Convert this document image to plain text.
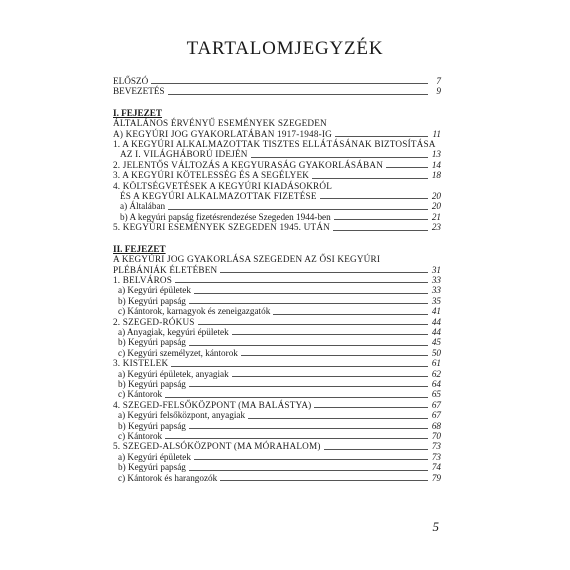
TARTALOMJEGYZÉK
ELŐSZÓ	7
BEVEZETÉS	9
I. FEJEZET
ÁLTALÁNOS ÉRVÉNYŰ ESEMÉNYEK SZEGEDEN
A) KEGYÚRI JOG GYAKORLATÁBAN 1917-1948-IG	11
1. A KEGYÚRI ALKALMAZOTTAK TISZTES ELLÁTÁSÁNAK BIZTOSÍTÁSA
AZ I. VILÁGHÁBORÚ IDEJÉN	13
2. JELENTŐS VÁLTOZÁS A KEGYURASÁG GYAKORLÁSÁBAN	14
3. A KEGYÚRI KÖTELESSÉG ÉS A SEGÉLYEK	18
4. KÖLTSÉGVETÉSEK A KEGYÚRI KIADÁSOKRÓL
ÉS A KEGYÚRI ALKALMAZOTTAK FIZETÉSE	20
a) Általában	20
b) A kegyúri papság fizetésrendezése Szegeden 1944-ben	21
5. KEGYÚRI ESEMÉNYEK SZEGEDEN 1945. UTÁN	23
II. FEJEZET
A KEGYÚRI JOG GYAKORLÁSA SZEGEDEN AZ ŐSI KEGYÚRI
PLÉBÁNIÁK ÉLETÉBEN	31
1. BELVÁROS	33
a) Kegyúri épületek	33
b) Kegyúri papság	35
c) Kántorok, karnagyok és zeneigazgatók	41
2. SZEGED-RÓKUS	44
a) Anyagiak, kegyúri épületek	44
b) Kegyúri papság	45
c) Kegyúri személyzet, kántorok	50
3. KISTELEK	61
a) Kegyúri épületek, anyagiak	62
b) Kegyúri papság	64
c) Kántorok	65
4. SZEGED-FELSŐKÖZPONT (MA BALÁSTYA)	67
a) Kegyúri felsőközpont, anyagiak	67
b) Kegyúri papság	68
c) Kántorok	70
5. SZEGED-ALSÓKÖZPONT (MA MÓRAHALOM)	73
a) Kegyúri épületek	73
b) Kegyúri papság	74
c) Kántorok és harangozók	79
5
